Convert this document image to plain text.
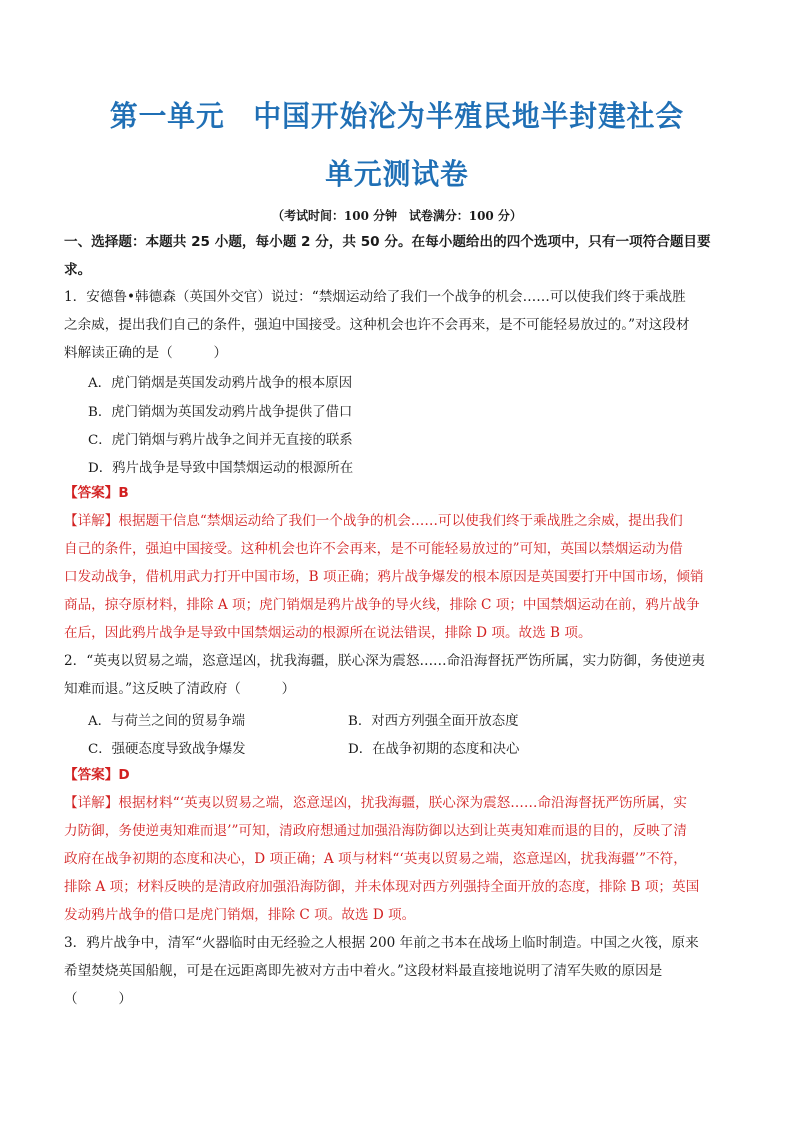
第一单元　中国开始沦为半殖民地半封建社会
单元测试卷
（考试时间：100 分钟　试卷满分：100 分）
一、选择题：本题共 25 小题，每小题 2 分，共 50 分。在每小题给出的四个选项中，只有一项符合题目要
求。
1．安德鲁•韩德森（英国外交官）说过：“禁烟运动给了我们一个战争的机会……可以使我们终于乘战胜
之余威，提出我们自己的条件，强迫中国接受。这种机会也许不会再来，是不可能轻易放过的。”对这段材
料解读正确的是（　　　）
A．虎门销烟是英国发动鸦片战争的根本原因
B．虎门销烟为英国发动鸦片战争提供了借口
C．虎门销烟与鸦片战争之间并无直接的联系
D．鸦片战争是导致中国禁烟运动的根源所在
【答案】B
【详解】根据题干信息“禁烟运动给了我们一个战争的机会……可以使我们终于乘战胜之余威，提出我们
自己的条件，强迫中国接受。这种机会也许不会再来，是不可能轻易放过的”可知，英国以禁烟运动为借
口发动战争，借机用武力打开中国市场，B 项正确；鸦片战争爆发的根本原因是英国要打开中国市场，倾销
商品，掠夺原材料，排除 A 项；虎门销烟是鸦片战争的导火线，排除 C 项；中国禁烟运动在前，鸦片战争
在后，因此鸦片战争是导致中国禁烟运动的根源所在说法错误，排除 D 项。故选 B 项。
2．“英夷以贸易之端，恣意逞凶，扰我海疆，朕心深为震怒……命沿海督抚严饬所属，实力防御，务使逆夷
知难而退。”这反映了清政府（　　　）
A．与荷兰之间的贸易争端	B．对西方列强全面开放态度
C．强硬态度导致战争爆发	D．在战争初期的态度和决心
【答案】D
【详解】根据材料“‘英夷以贸易之端，恣意逞凶，扰我海疆，朕心深为震怒……命沿海督抚严饬所属，实
力防御，务使逆夷知难而退’”可知，清政府想通过加强沿海防御以达到让英夷知难而退的目的，反映了清
政府在战争初期的态度和决心，D 项正确；A 项与材料“‘英夷以贸易之端，恣意逞凶，扰我海疆’”不符，
排除 A 项；材料反映的是清政府加强沿海防御，并未体现对西方列强持全面开放的态度，排除 B 项；英国
发动鸦片战争的借口是虎门销烟，排除 C 项。故选 D 项。
3．鸦片战争中，清军“火器临时由无经验之人根据 200 年前之书本在战场上临时制造。中国之火筏，原来
希望焚烧英国船舰，可是在远距离即先被对方击中着火。”这段材料最直接地说明了清军失败的原因是
（　　　）
